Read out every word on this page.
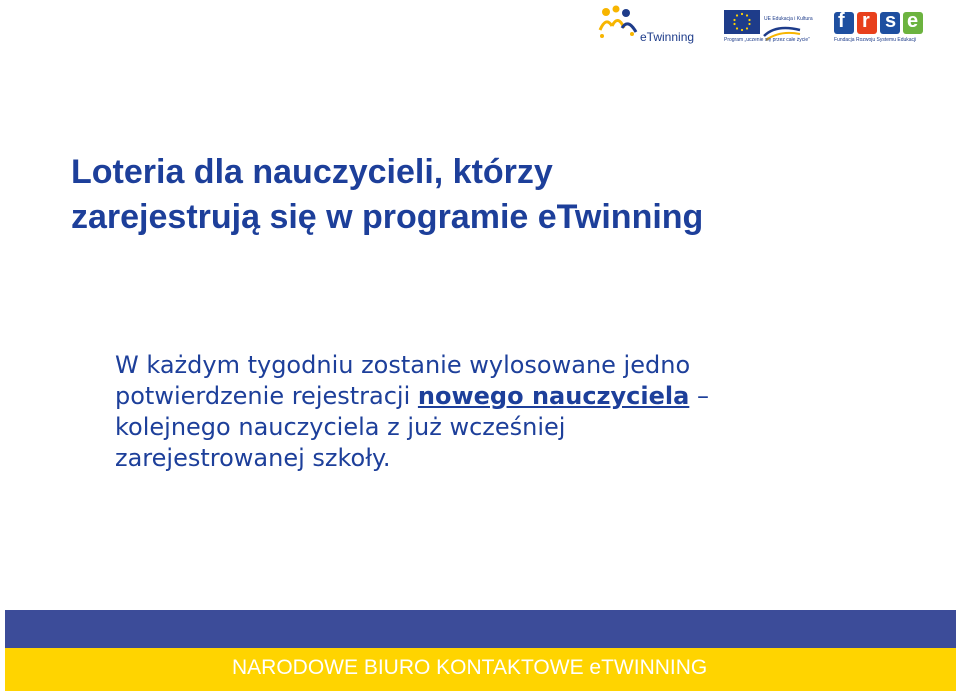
eTwinning
UE Edukacja i Kultura
Program „uczenie się przez całe życie”
f r s e
Fundacja Rozwoju Systemu Edukacji
Loteria dla nauczycieli, którzy
zarejestrują się w programie eTwinning

W każdym tygodniu zostanie wylosowane jedno
potwierdzenie rejestracji nowego nauczyciela –
kolejnego nauczyciela z już wcześniej
zarejestrowanej szkoły.

NARODOWE BIURO KONTAKTOWE eTWINNING
